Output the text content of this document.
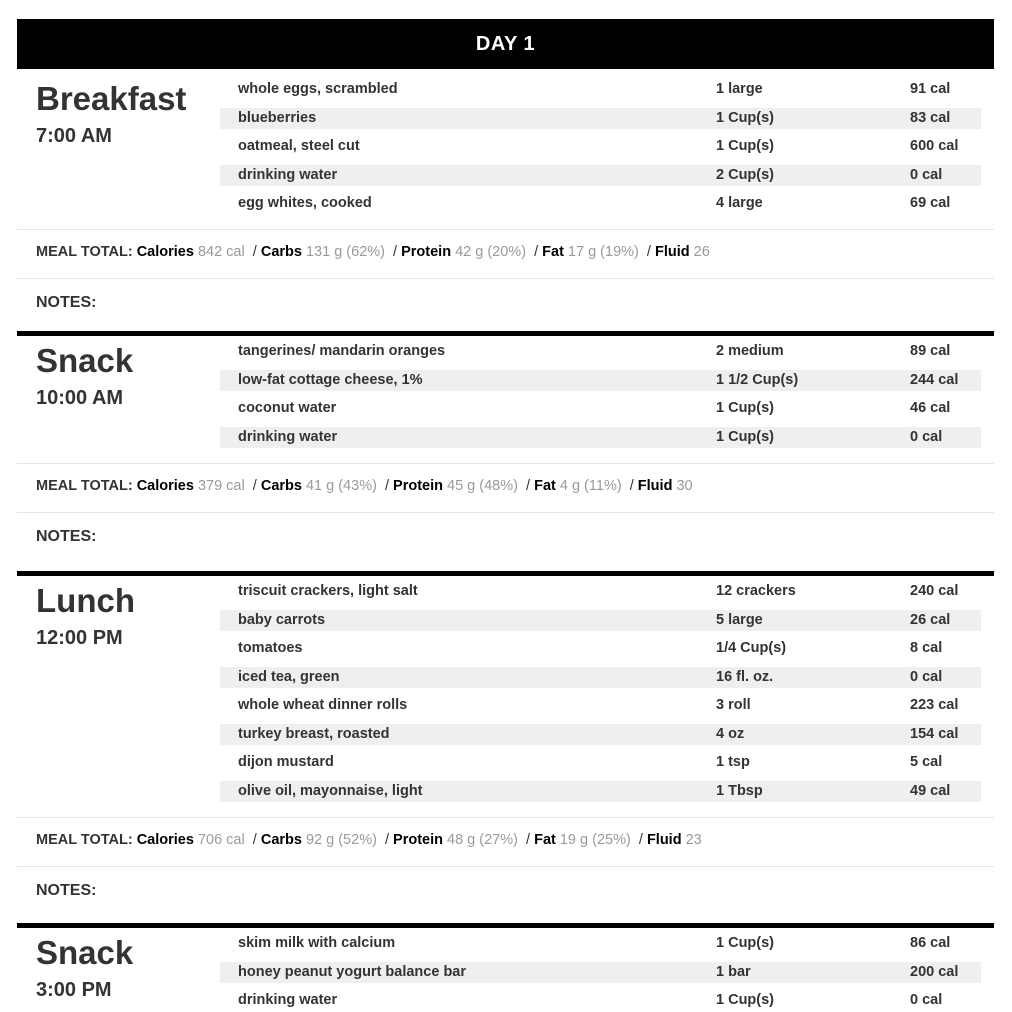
DAY 1
Breakfast
7:00 AM
whole eggs, scrambled	1 large	91 cal
blueberries	1 Cup(s)	83 cal
oatmeal, steel cut	1 Cup(s)	600 cal
drinking water	2 Cup(s)	0 cal
egg whites, cooked	4 large	69 cal
MEAL TOTAL: Calories 842 cal  / Carbs 131 g (62%)  / Protein 42 g (20%)  / Fat 17 g (19%)  / Fluid 26
NOTES:
Snack
10:00 AM
tangerines/ mandarin oranges	2 medium	89 cal
low-fat cottage cheese, 1%	1 1/2 Cup(s)	244 cal
coconut water	1 Cup(s)	46 cal
drinking water	1 Cup(s)	0 cal
MEAL TOTAL: Calories 379 cal  / Carbs 41 g (43%)  / Protein 45 g (48%)  / Fat 4 g (11%)  / Fluid 30
NOTES:
Lunch
12:00 PM
triscuit crackers, light salt	12 crackers	240 cal
baby carrots	5 large	26 cal
tomatoes	1/4 Cup(s)	8 cal
iced tea, green	16 fl. oz.	0 cal
whole wheat dinner rolls	3 roll	223 cal
turkey breast, roasted	4 oz	154 cal
dijon mustard	1 tsp	5 cal
olive oil, mayonnaise, light	1 Tbsp	49 cal
MEAL TOTAL: Calories 706 cal  / Carbs 92 g (52%)  / Protein 48 g (27%)  / Fat 19 g (25%)  / Fluid 23
NOTES:
Snack
3:00 PM
skim milk with calcium	1 Cup(s)	86 cal
honey peanut yogurt balance bar	1 bar	200 cal
drinking water	1 Cup(s)	0 cal
